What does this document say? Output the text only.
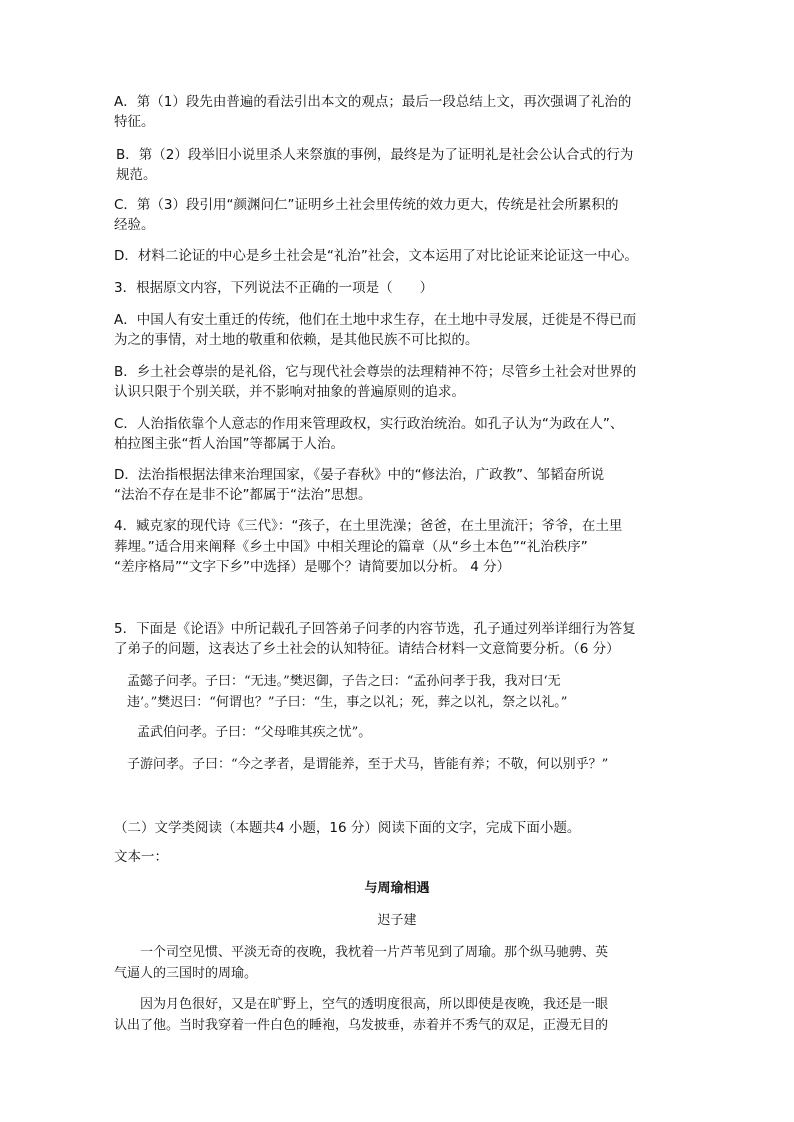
A．第（1）段先由普遍的看法引出本文的观点；最后一段总结上文，再次强调了礼治的
特征。
B．第（2）段举旧小说里杀人来祭旗的事例，最终是为了证明礼是社会公认合式的行为
规范。
C．第（3）段引用“颜渊问仁”证明乡土社会里传统的效力更大，传统是社会所累积的
经验。
D．材料二论证的中心是乡土社会是“礼治”社会，文本运用了对比论证来论证这一中心。
3．根据原文内容，下列说法不正确的一项是（　　）
A．中国人有安土重迁的传统，他们在土地中求生存，在土地中寻发展，迁徙是不得已而
为之的事情，对土地的敬重和依赖，是其他民族不可比拟的。
B．乡土社会尊崇的是礼俗，它与现代社会尊崇的法理精神不符；尽管乡土社会对世界的
认识只限于个别关联，并不影响对抽象的普遍原则的追求。
C．人治指依靠个人意志的作用来管理政权，实行政治统治。如孔子认为“为政在人”、
柏拉图主张“哲人治国”等都属于人治。
D．法治指根据法律来治理国家，《晏子春秋》中的“修法治，广政教”、邹韬奋所说
“法治不存在是非不论”都属于“法治”思想。
4．臧克家的现代诗《三代》：“孩子，在土里洗澡；爸爸，在土里流汗；爷爷，在土里
葬埋。”适合用来阐释《乡土中国》中相关理论的篇章（从“乡土本色”“礼治秩序”
“差序格局”“文字下乡”中选择）是哪个？请简要加以分析。 4 分）
5．下面是《论语》中所记载孔子回答弟子问孝的内容节选，孔子通过列举详细行为答复
了弟子的问题，这表达了乡土社会的认知特征。请结合材料一文意简要分析。（6 分）
孟懿子问孝。子曰：“无违。”樊迟御，子告之曰：“孟孙问孝于我，我对曰‘无
违’。”樊迟曰：“何谓也？”子曰：“生，事之以礼；死，葬之以礼，祭之以礼。”
孟武伯问孝。子曰：“父母唯其疾之忧”。
子游问孝。子曰：“今之孝者，是谓能养，至于犬马，皆能有养；不敬，何以别乎？”
（二）文学类阅读（本题共4 小题，16 分）阅读下面的文字，完成下面小题。
文本一：
与周瑜相遇
迟子建
一个司空见惯、平淡无奇的夜晚，我枕着一片芦苇见到了周瑜。那个纵马驰骋、英
气逼人的三国时的周瑜。
因为月色很好，又是在旷野上，空气的透明度很高，所以即使是夜晚，我还是一眼
认出了他。当时我穿着一件白色的睡袍，乌发披垂，赤着并不秀气的双足，正漫无目的
